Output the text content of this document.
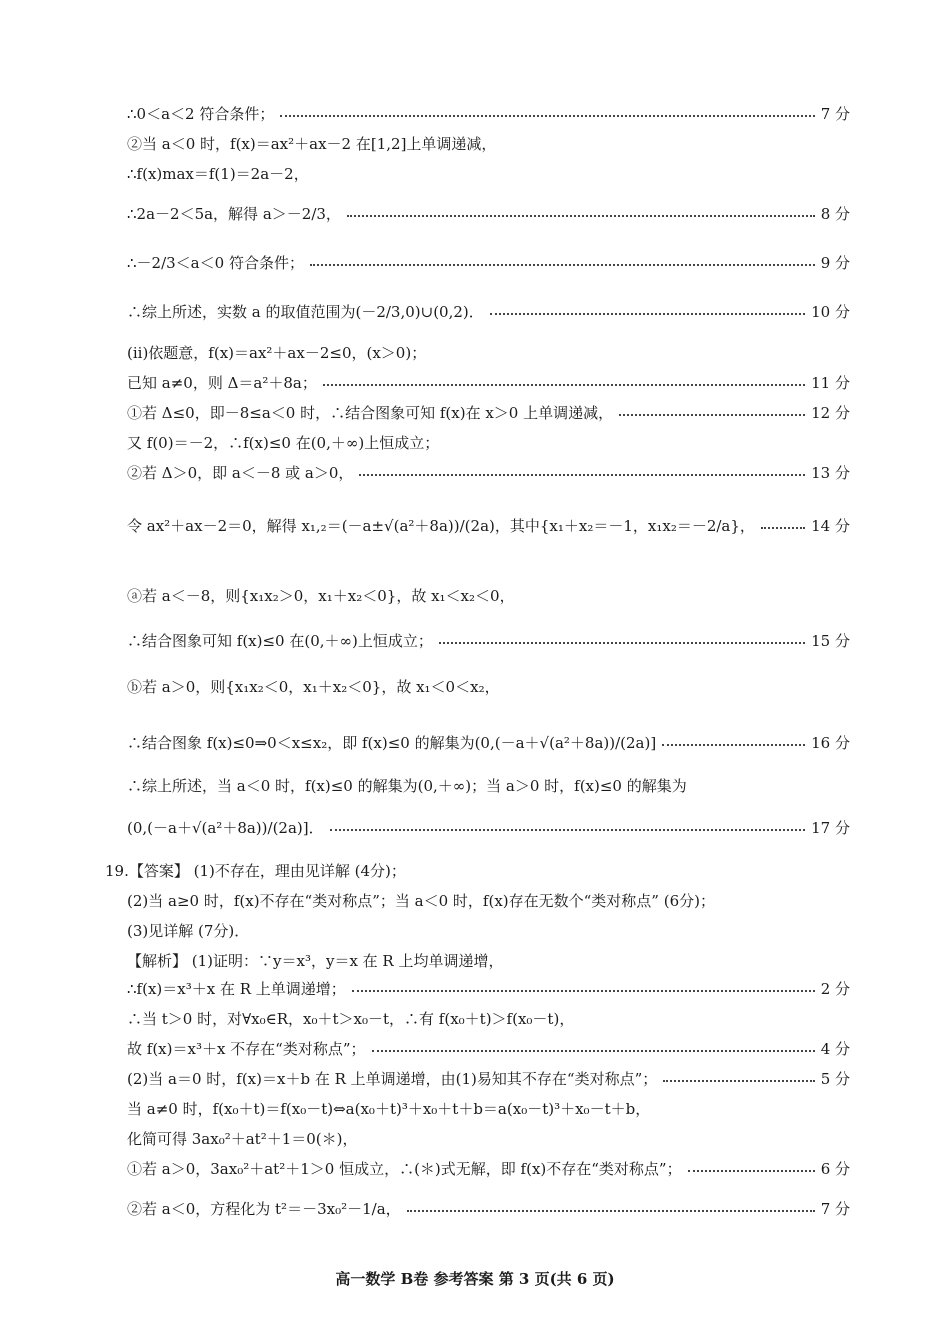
∴0＜a＜2 符合条件；	7 分
②当 a＜0 时，f(x)＝ax²＋ax－2 在[1,2]上单调递减，
∴f(x)max＝f(1)＝2a－2，
∴2a－2＜5a，解得 a＞－2/3，	8 分
∴－2/3＜a＜0 符合条件；	9 分
∴综上所述，实数 a 的取值范围为(－2/3,0)∪(0,2)．	10 分
(ii)依题意，f(x)＝ax²＋ax－2≤0，(x＞0)；
已知 a≠0，则 Δ＝a²＋8a；	11 分
①若 Δ≤0，即－8≤a＜0 时，∴结合图象可知 f(x)在 x＞0 上单调递减，	12 分
又 f(0)＝－2，∴f(x)≤0 在(0,＋∞)上恒成立；
②若 Δ＞0，即 a＜－8 或 a＞0，	13 分
令 ax²＋ax－2＝0，解得 x₁,₂＝(－a±√(a²＋8a))/(2a)，其中{x₁＋x₂＝－1，x₁x₂＝－2/a}，	14 分
ⓐ若 a＜－8，则{x₁x₂＞0，x₁＋x₂＜0}，故 x₁＜x₂＜0，
∴结合图象可知 f(x)≤0 在(0,＋∞)上恒成立；	15 分
ⓑ若 a＞0，则{x₁x₂＜0，x₁＋x₂＜0}，故 x₁＜0＜x₂，
∴结合图象 f(x)≤0⇒0＜x≤x₂，即 f(x)≤0 的解集为(0,(－a＋√(a²＋8a))/(2a)]	16 分
∴综上所述，当 a＜0 时，f(x)≤0 的解集为(0,＋∞)；当 a＞0 时，f(x)≤0 的解集为
(0,(－a＋√(a²＋8a))/(2a)]．	17 分
19.【答案】 (1)不存在，理由见详解 (4分)；
(2)当 a≥0 时，f(x)不存在“类对称点”；当 a＜0 时，f(x)存在无数个“类对称点” (6分)；
(3)见详解 (7分)．
【解析】 (1)证明：∵y＝x³，y＝x 在 R 上均单调递增，
∴f(x)＝x³＋x 在 R 上单调递增；	2 分
∴当 t＞0 时，对∀x₀∈R，x₀＋t＞x₀－t，∴有 f(x₀＋t)＞f(x₀－t)，
故 f(x)＝x³＋x 不存在“类对称点”；	4 分
(2)当 a＝0 时，f(x)＝x＋b 在 R 上单调递增，由(1)易知其不存在“类对称点”；	5 分
当 a≠0 时，f(x₀＋t)＝f(x₀－t)⇔a(x₀＋t)³＋x₀＋t＋b＝a(x₀－t)³＋x₀－t＋b，
化简可得 3ax₀²＋at²＋1＝0(＊)，
①若 a＞0，3ax₀²＋at²＋1＞0 恒成立，∴(＊)式无解，即 f(x)不存在“类对称点”；	6 分
②若 a＜0，方程化为 t²＝－3x₀²－1/a，	7 分
高一数学 B卷 参考答案 第 3 页(共 6 页)
